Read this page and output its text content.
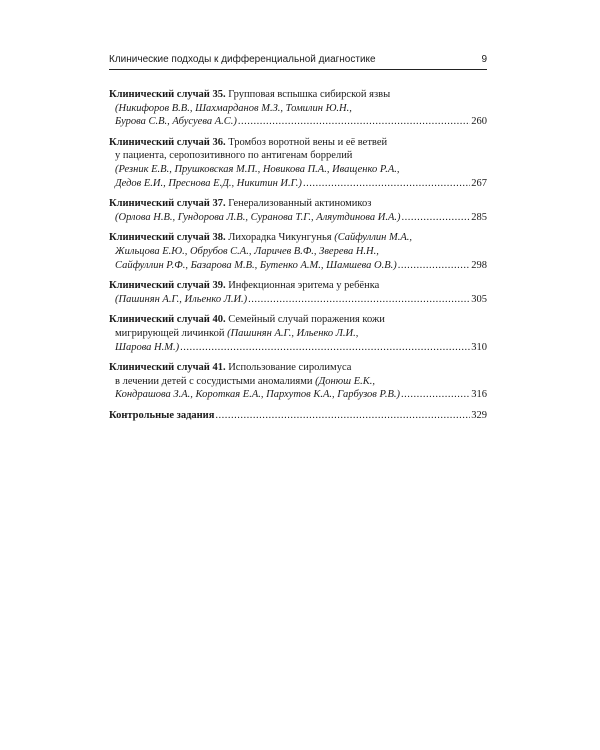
Клинические подходы к дифференциальной диагностике	9
Клинический случай 35.
Групповая вспышка сибирской язвы
(Никифоров В.В., Шахмарданов М.З., Томилин Ю.Н.,
Бурова С.В., Абусуева А.С.) .....	260
Клинический случай 36.
Тромбоз воротной вены и её ветвей
у пациента, серопозитивного по антигенам боррелий
(Резник Е.В., Прушковская М.П., Новикова П.А., Иващенко Р.А.,
Дедов Е.И., Преснова Е.Д., Никитин И.Г.) .....	267
Клинический случай 37.
Генерализованный актиномикоз
(Орлова Н.В., Гундорова Л.В., Суранова Т.Г., Аляутдинова И.А.) .....	285
Клинический случай 38.
Лихорадка Чикунгунья
(Сайфуллин М.А.,
Жильцова Е.Ю., Обрубов С.А., Ларичев В.Ф., Зверева Н.Н.,
Сайфуллин Р.Ф., Базарова М.В., Бутенко А.М., Шамшева О.В.) .....	298
Клинический случай 39.
Инфекционная эритема у ребёнка
(Пашинян А.Г., Ильенко Л.И.) .....	305
Клинический случай 40.
Семейный случай поражения кожи
мигрирующей личинкой
(Пашинян А.Г., Ильенко Л.И.,
Шарова Н.М.) .....	310
Клинический случай 41.
Использование сиролимуса
в лечении детей с сосудистыми аномалиями
(Донюш Е.К.,
Кондрашова З.А., Короткая Е.А., Пархутов К.А., Гарбузов Р.В.) .....	316
Контрольные задания .....	329
